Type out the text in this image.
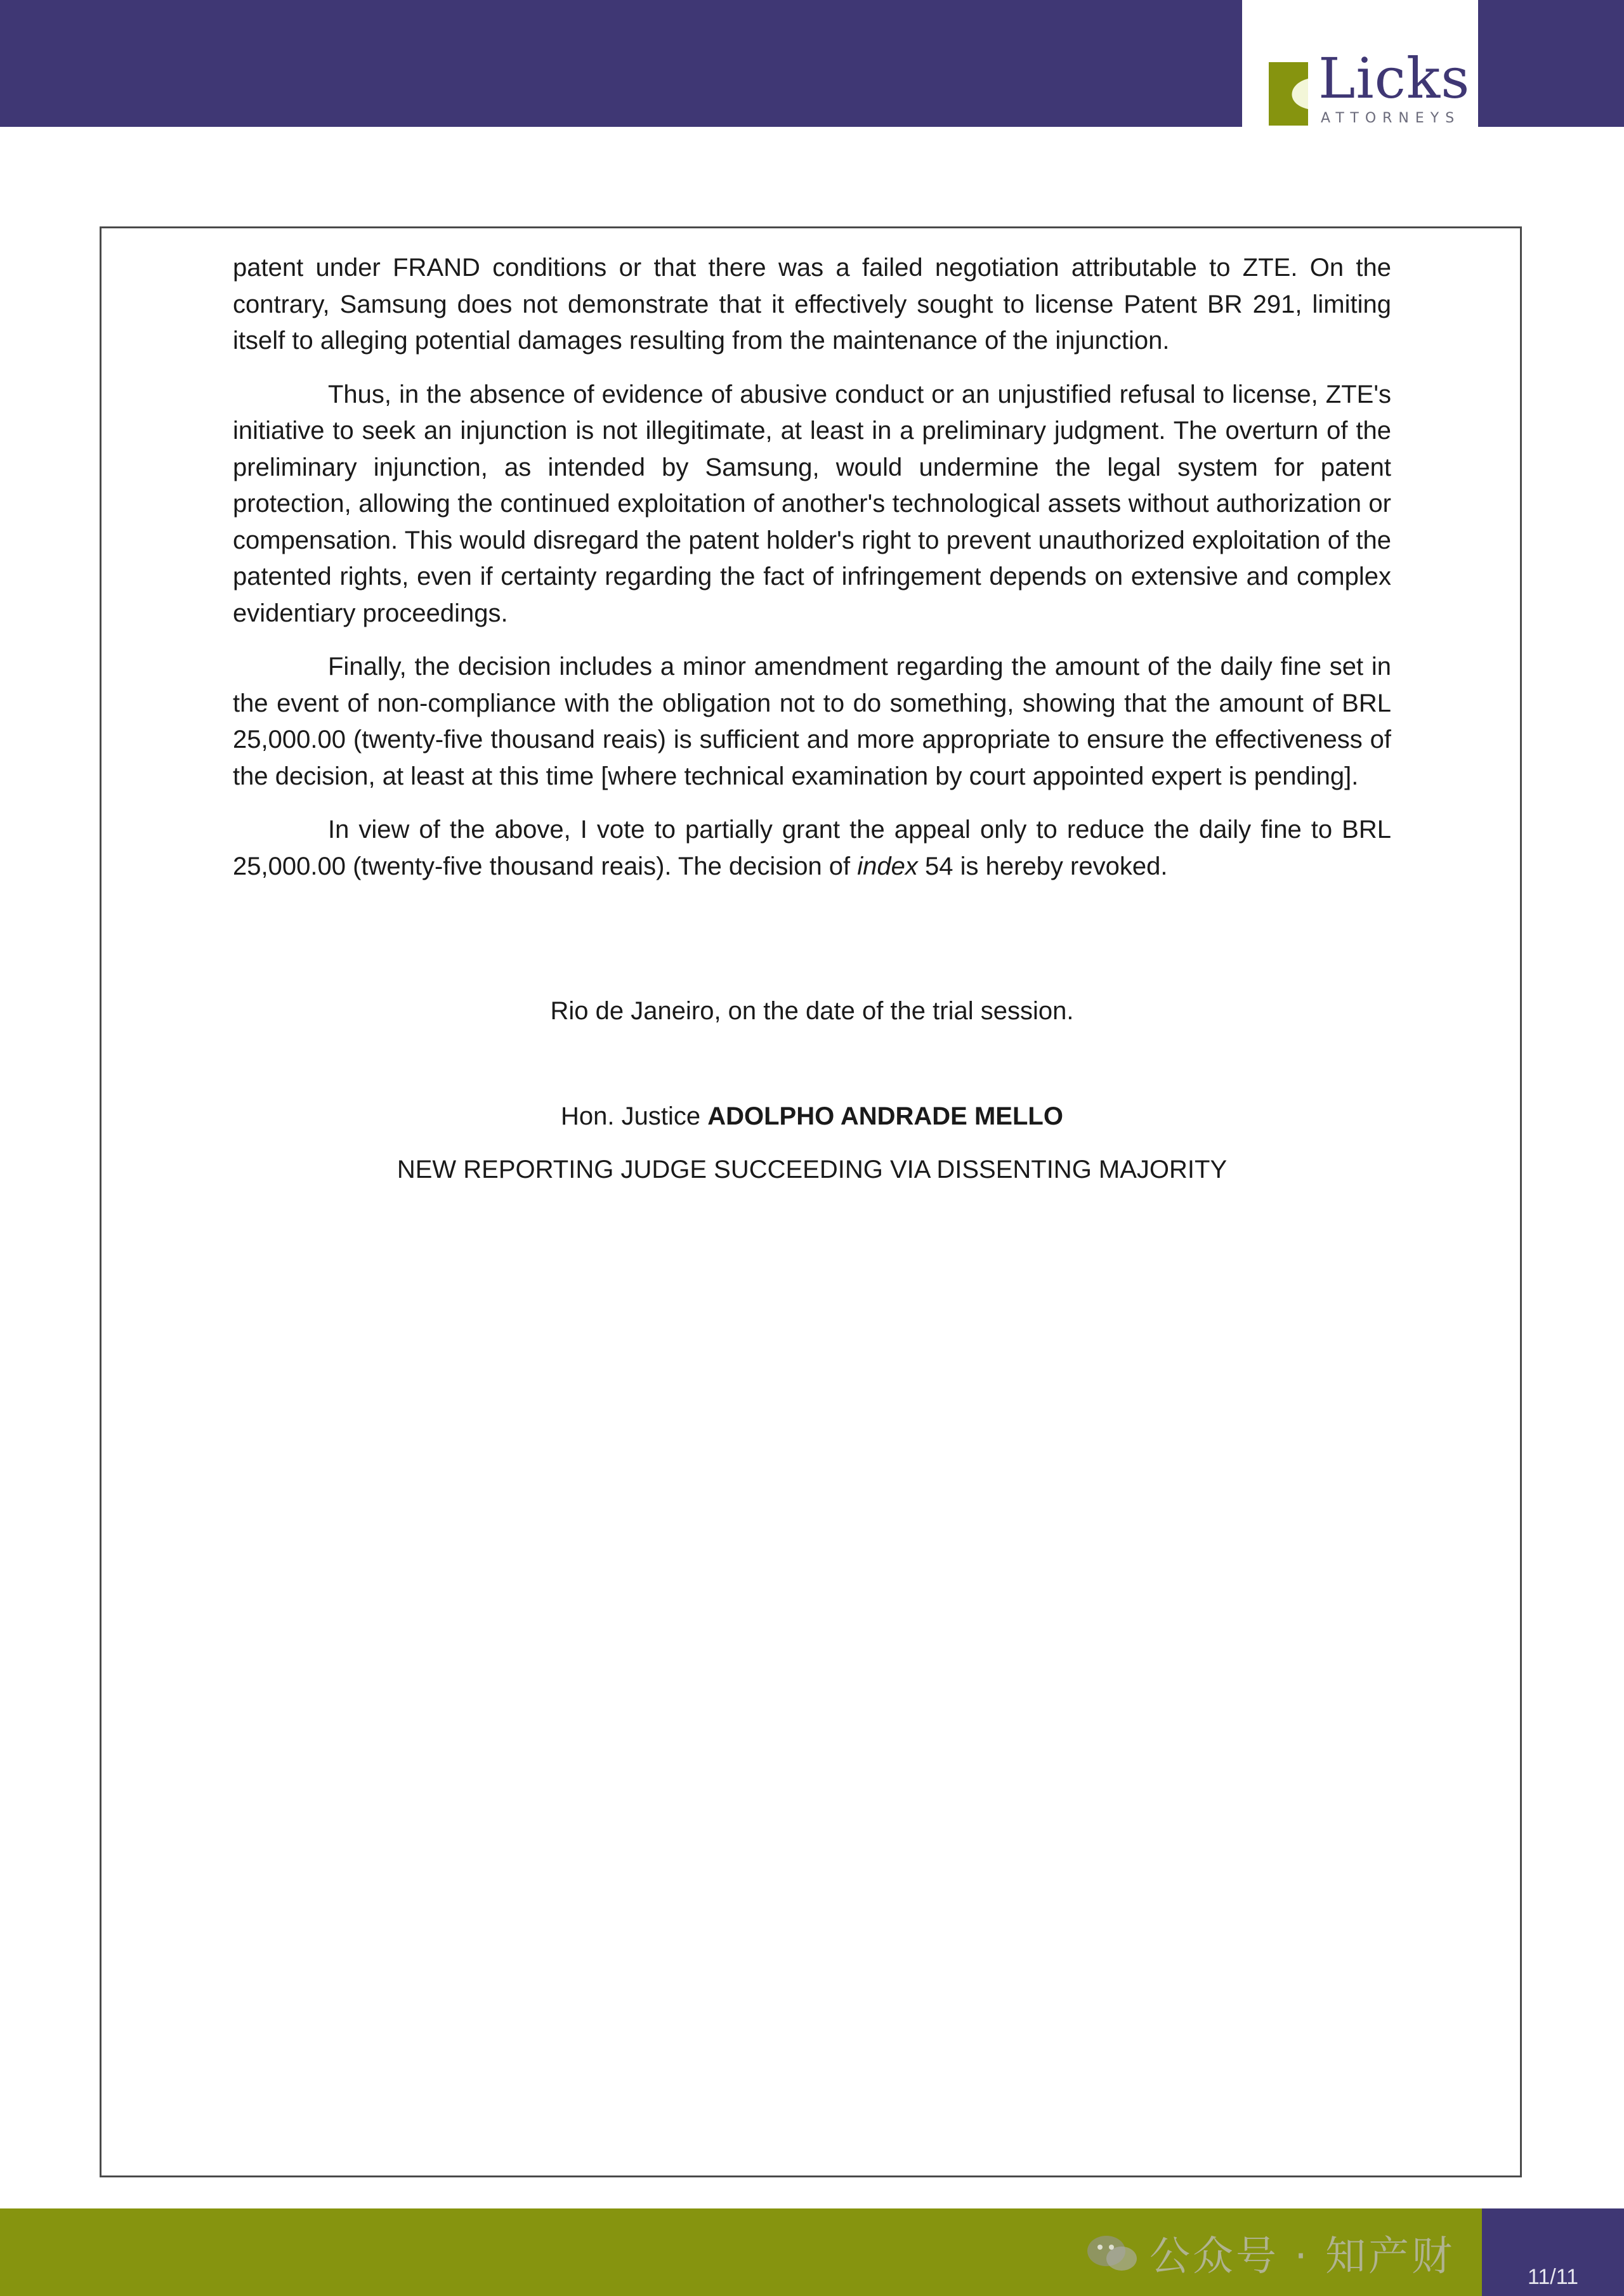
Licks
ATTORNEYS

patent under FRAND conditions or that there was a failed negotiation attributable to ZTE. On the contrary, Samsung does not demonstrate that it effectively sought to license Patent BR 291, limiting itself to alleging potential damages resulting from the maintenance of the injunction.

Thus, in the absence of evidence of abusive conduct or an unjustified refusal to license, ZTE's initiative to seek an injunction is not illegitimate, at least in a preliminary judgment. The overturn of the preliminary injunction, as intended by Samsung, would undermine the legal system for patent protection, allowing the continued exploitation of another's technological assets without authorization or compensation. This would disregard the patent holder's right to prevent unauthorized exploitation of the patented rights, even if certainty regarding the fact of infringement depends on extensive and complex evidentiary proceedings.

Finally, the decision includes a minor amendment regarding the amount of the daily fine set in the event of non-compliance with the obligation not to do something, showing that the amount of BRL 25,000.00 (twenty-five thousand reais) is sufficient and more appropriate to ensure the effectiveness of the decision, at least at this time [where technical examination by court appointed expert is pending].

In view of the above, I vote to partially grant the appeal only to reduce the daily fine to BRL 25,000.00 (twenty-five thousand reais). The decision of index 54 is hereby revoked.

Rio de Janeiro, on the date of the trial session.
Hon. Justice ADOLPHO ANDRADE MELLO
NEW REPORTING JUDGE SUCCEEDING VIA DISSENTING MAJORITY
公众号 · 知产财	11/11
